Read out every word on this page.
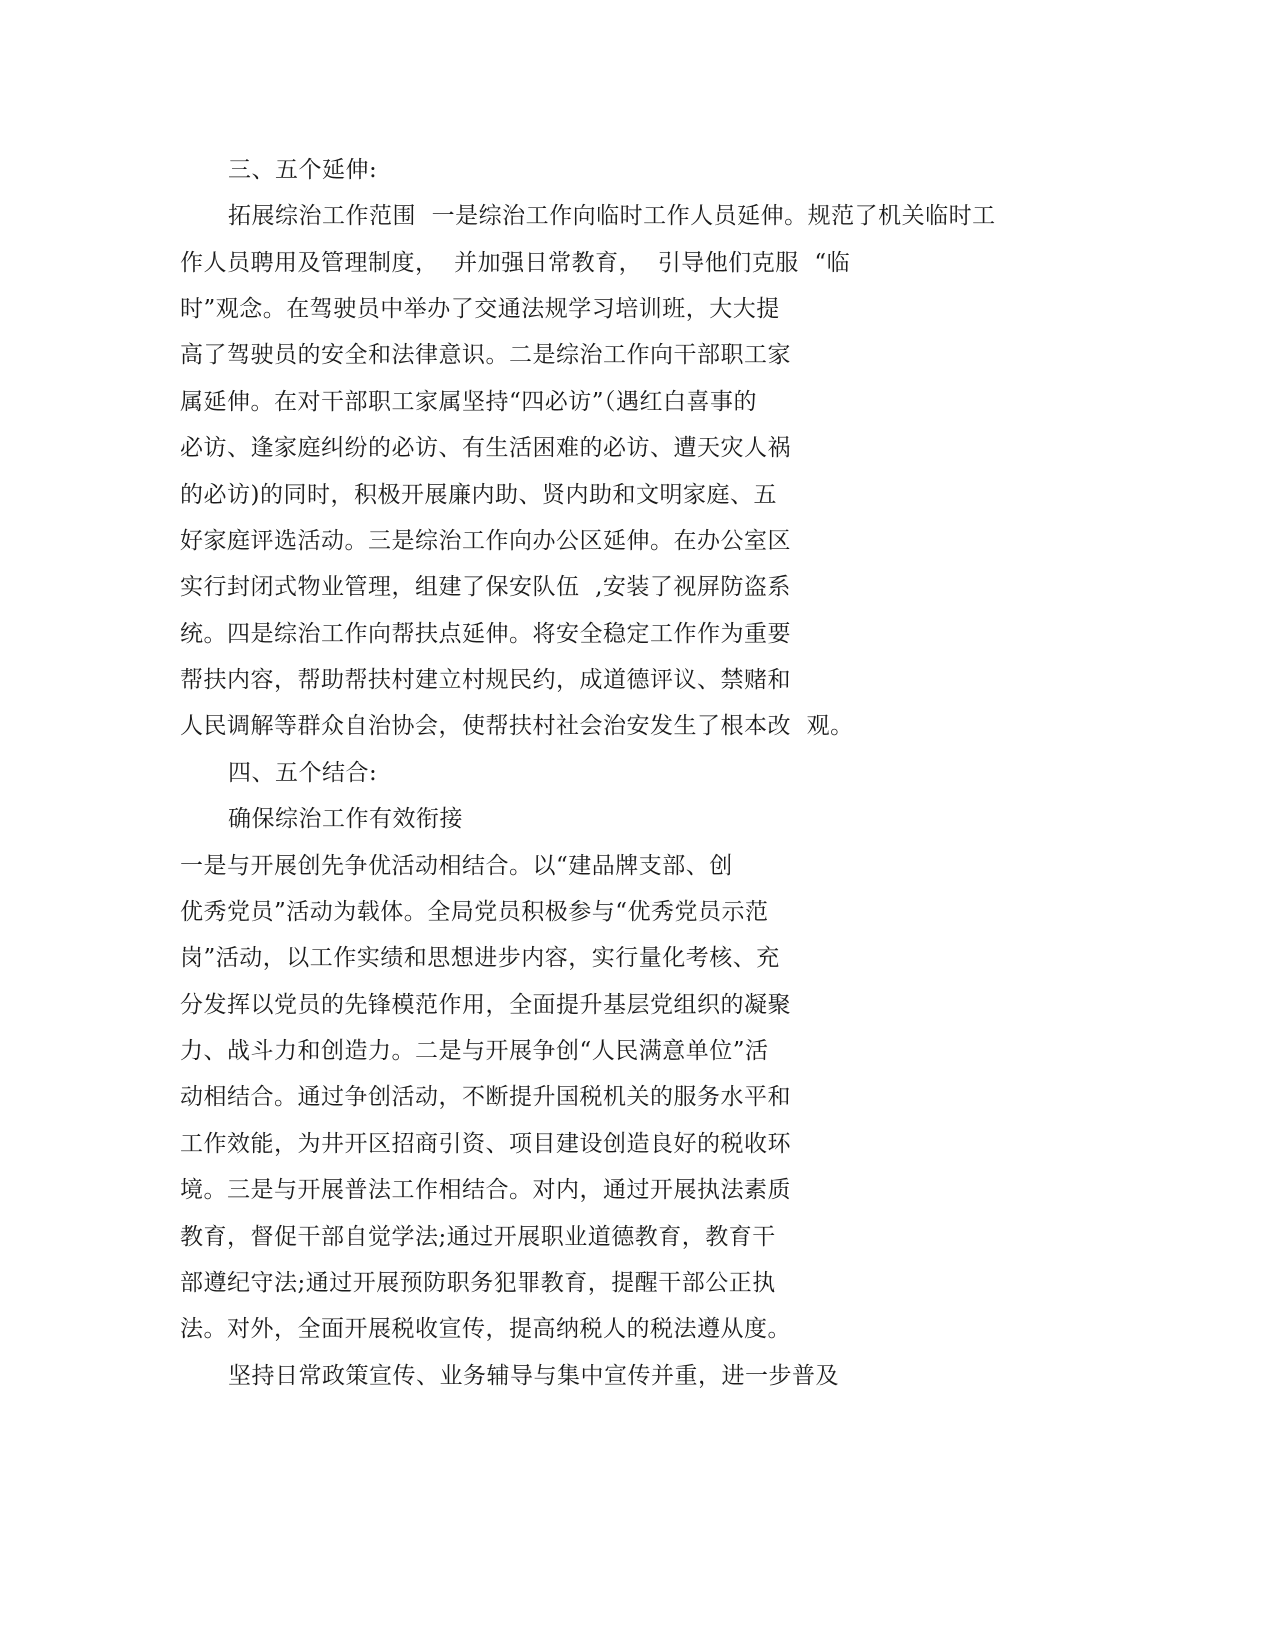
三、五个延伸:
拓展综治工作范围  一是综治工作向临时工作人员延伸。规范了机关临时工
作人员聘用及管理制度，  并加强日常教育，  引导他们克服  “临
时”观念。在驾驶员中举办了交通法规学习培训班，大大提
高了驾驶员的安全和法律意识。二是综治工作向干部职工家
属延伸。在对干部职工家属坚持“四必访”（遇红白喜事的
必访、逢家庭纠纷的必访、有生活困难的必访、遭天灾人祸
的必访)的同时，积极开展廉内助、贤内助和文明家庭、五
好家庭评选活动。三是综治工作向办公区延伸。在办公室区
实行封闭式物业管理，组建了保安队伍  ,安装了视屏防盗系
统。四是综治工作向帮扶点延伸。将安全稳定工作作为重要
帮扶内容，帮助帮扶村建立村规民约，成道德评议、禁赌和
人民调解等群众自治协会，使帮扶村社会治安发生了根本改  观。
四、五个结合:
确保综治工作有效衔接
一是与开展创先争优活动相结合。以“建品牌支部、创
优秀党员”活动为载体。全局党员积极参与“优秀党员示范
岗”活动，以工作实绩和思想进步内容，实行量化考核、充
分发挥以党员的先锋模范作用，全面提升基层党组织的凝聚
力、战斗力和创造力。二是与开展争创“人民满意单位”活
动相结合。通过争创活动，不断提升国税机关的服务水平和
工作效能，为井开区招商引资、项目建设创造良好的税收环
境。三是与开展普法工作相结合。对内，通过开展执法素质
教育，督促干部自觉学法;通过开展职业道德教育，教育干
部遵纪守法;通过开展预防职务犯罪教育，提醒干部公正执
法。对外，全面开展税收宣传，提高纳税人的税法遵从度。
坚持日常政策宣传、业务辅导与集中宣传并重，进一步普及
